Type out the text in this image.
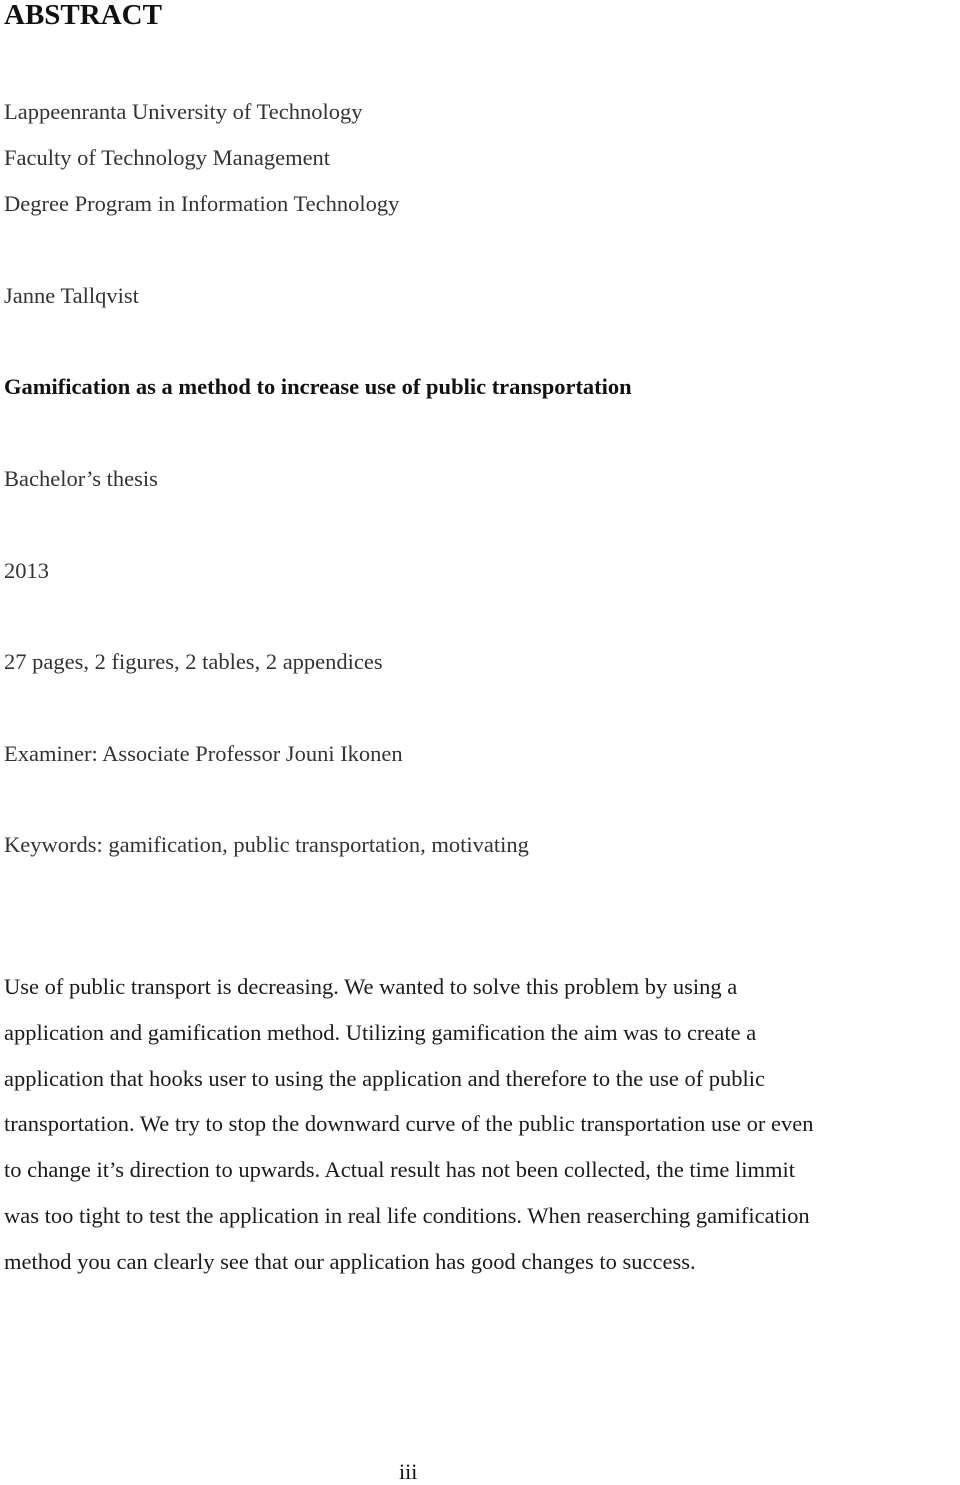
ABSTRACT

Lappeenranta University of Technology

Faculty of Technology Management

Degree Program in Information Technology

Janne Tallqvist

Gamification as a method to increase use of public transportation

Bachelor’s thesis

2013

27 pages, 2 figures, 2 tables, 2 appendices

Examiner: Associate Professor Jouni Ikonen

Keywords: gamification, public transportation, motivating

Use of public transport is decreasing. We wanted to solve this problem by using a
application and gamification method. Utilizing gamification the aim was to create a
application that hooks user to using the application and therefore to the use of public
transportation. We try to stop the downward curve of the public transportation use or even
to change it’s direction to upwards. Actual result has not been collected, the time limmit
was too tight to test the application in real life conditions. When reaserching gamification
method you can clearly see that our application has good changes to success.

iii
